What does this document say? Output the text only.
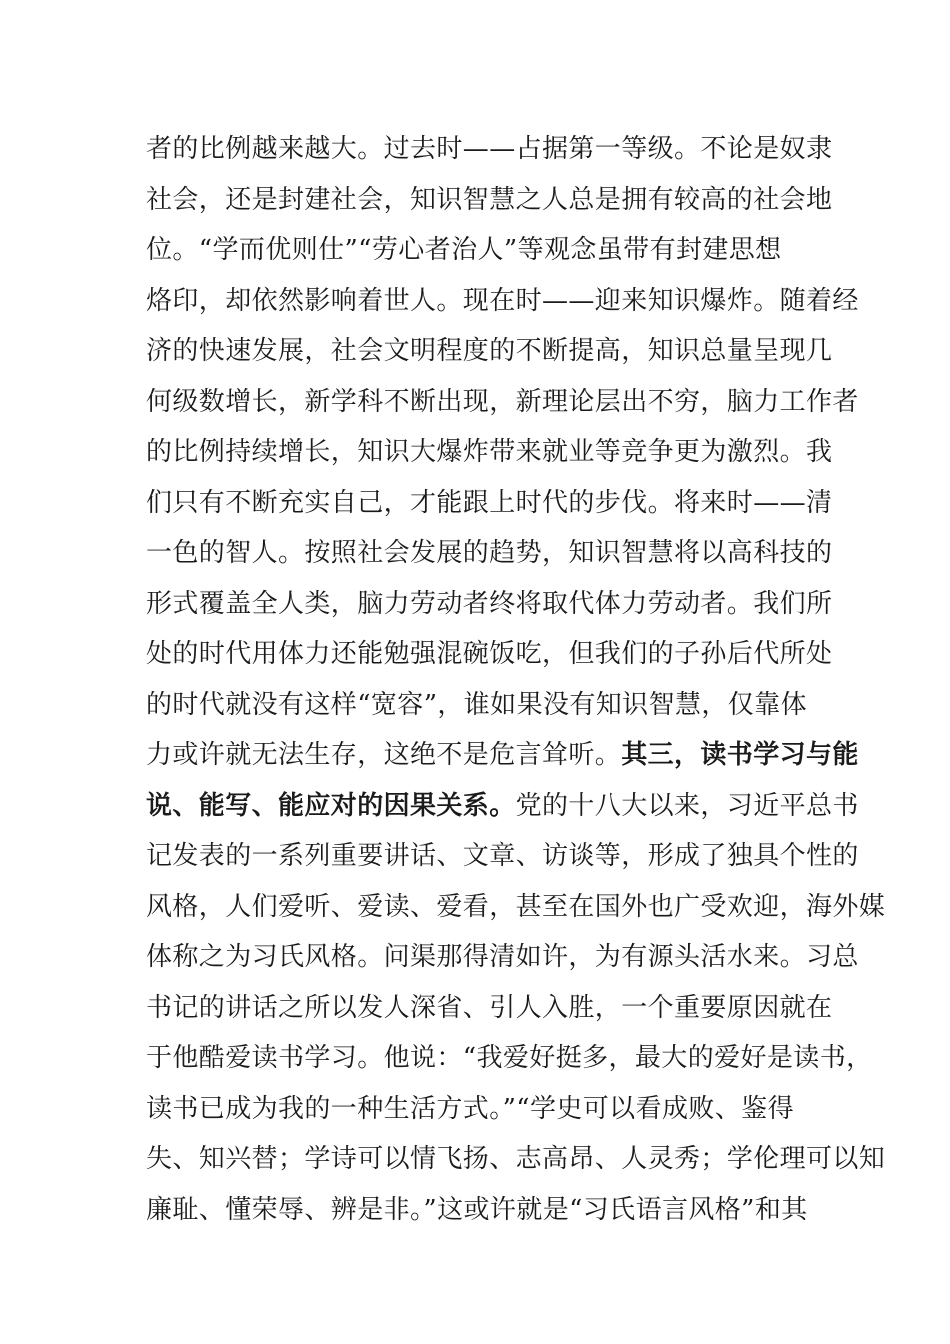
者的比例越来越大。过去时——占据第一等级。不论是奴隶
社会，还是封建社会，知识智慧之人总是拥有较高的社会地
位。“学而优则仕”“劳心者治人”等观念虽带有封建思想
烙印，却依然影响着世人。现在时——迎来知识爆炸。随着经
济的快速发展，社会文明程度的不断提高，知识总量呈现几
何级数增长，新学科不断出现，新理论层出不穷，脑力工作者
的比例持续增长，知识大爆炸带来就业等竞争更为激烈。我
们只有不断充实自己，才能跟上时代的步伐。将来时——清
一色的智人。按照社会发展的趋势，知识智慧将以高科技的
形式覆盖全人类，脑力劳动者终将取代体力劳动者。我们所
处的时代用体力还能勉强混碗饭吃，但我们的子孙后代所处
的时代就没有这样“宽容”，谁如果没有知识智慧，仅靠体
力或许就无法生存，这绝不是危言耸听。其三，读书学习与能
说、能写、能应对的因果关系。党的十八大以来，习近平总书
记发表的一系列重要讲话、文章、访谈等，形成了独具个性的
风格，人们爱听、爱读、爱看，甚至在国外也广受欢迎，海外媒
体称之为习氏风格。问渠那得清如许，为有源头活水来。习总
书记的讲话之所以发人深省、引人入胜，一个重要原因就在
于他酷爱读书学习。他说：“我爱好挺多，最大的爱好是读书，
读书已成为我的一种生活方式。”“学史可以看成败、鉴得
失、知兴替；学诗可以情飞扬、志高昂、人灵秀；学伦理可以知
廉耻、懂荣辱、辨是非。”这或许就是“习氏语言风格”和其
